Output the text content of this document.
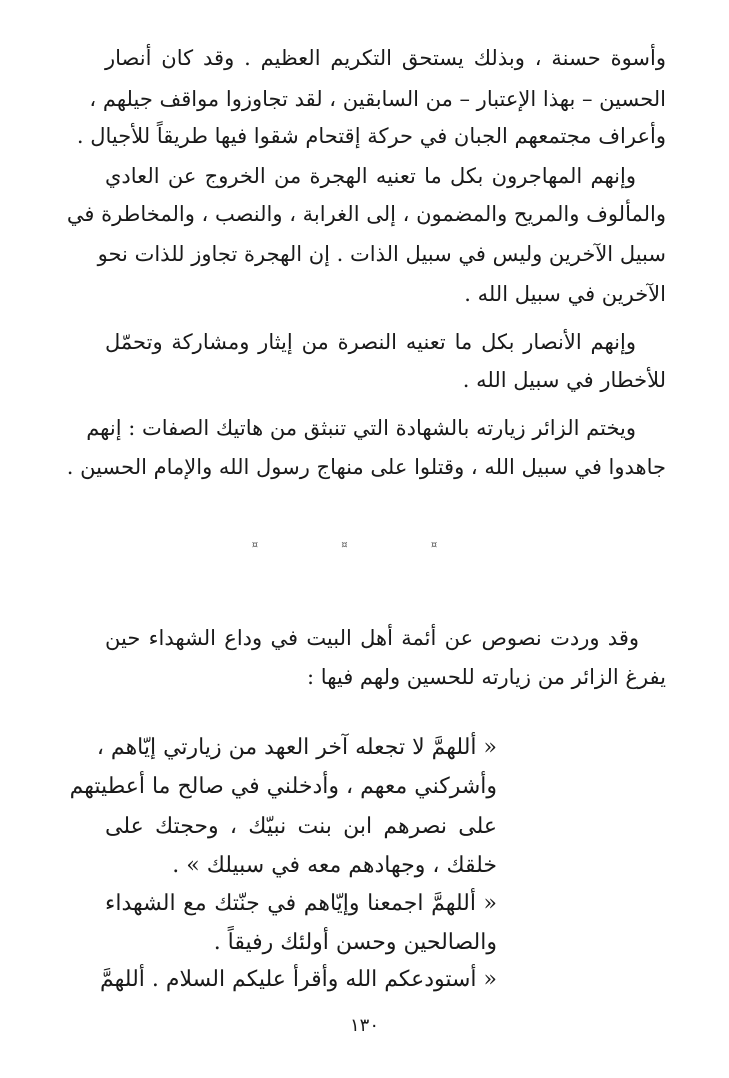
وأسوة حسنة ، وبذلك يستحق التكريم العظيم . وقد كان أنصار
الحسين – بهذا الإعتبار – من السابقين ، لقد تجاوزوا مواقف جيلهم ،
وأعراف مجتمعهم الجبان في حركة إقتحام شقوا فيها طريقاً للأجيال .
وإنهم المهاجرون بكل ما تعنيه الهجرة من الخروج عن العادي
والمألوف والمريح والمضمون ، إلى الغرابة ، والنصب ، والمخاطرة في
سبيل الآخرين وليس في سبيل الذات . إن الهجرة تجاوز للذات نحو
الآخرين في سبيل الله .
وإنهم الأنصار بكل ما تعنيه النصرة من إيثار ومشاركة وتحمّل
للأخطار في سبيل الله .
ويختم الزائر زيارته بالشهادة التي تنبثق من هاتيك الصفات : إنهم
جاهدوا في سبيل الله ، وقتلوا على منهاج رسول الله والإمام الحسين .
¤ ¤ ¤
وقد وردت نصوص عن أئمة أهل البيت في وداع الشهداء حين
يفرغ الزائر من زيارته للحسين ولهم فيها :
« أللهمَّ لا تجعله آخر العهد من زيارتي إيّاهم ،
وأشركني معهم ، وأدخلني في صالح ما أعطيتهم
على نصرهم ابن بنت نبيّك ، وحجتك على
خلقك ، وجهادهم معه في سبيلك » .
« أللهمَّ اجمعنا وإيّاهم في جنّتك مع الشهداء
والصالحين وحسن أولئك رفيقاً .
« أستودعكم الله وأقرأ عليكم السلام . أللهمَّ
١٣٠
